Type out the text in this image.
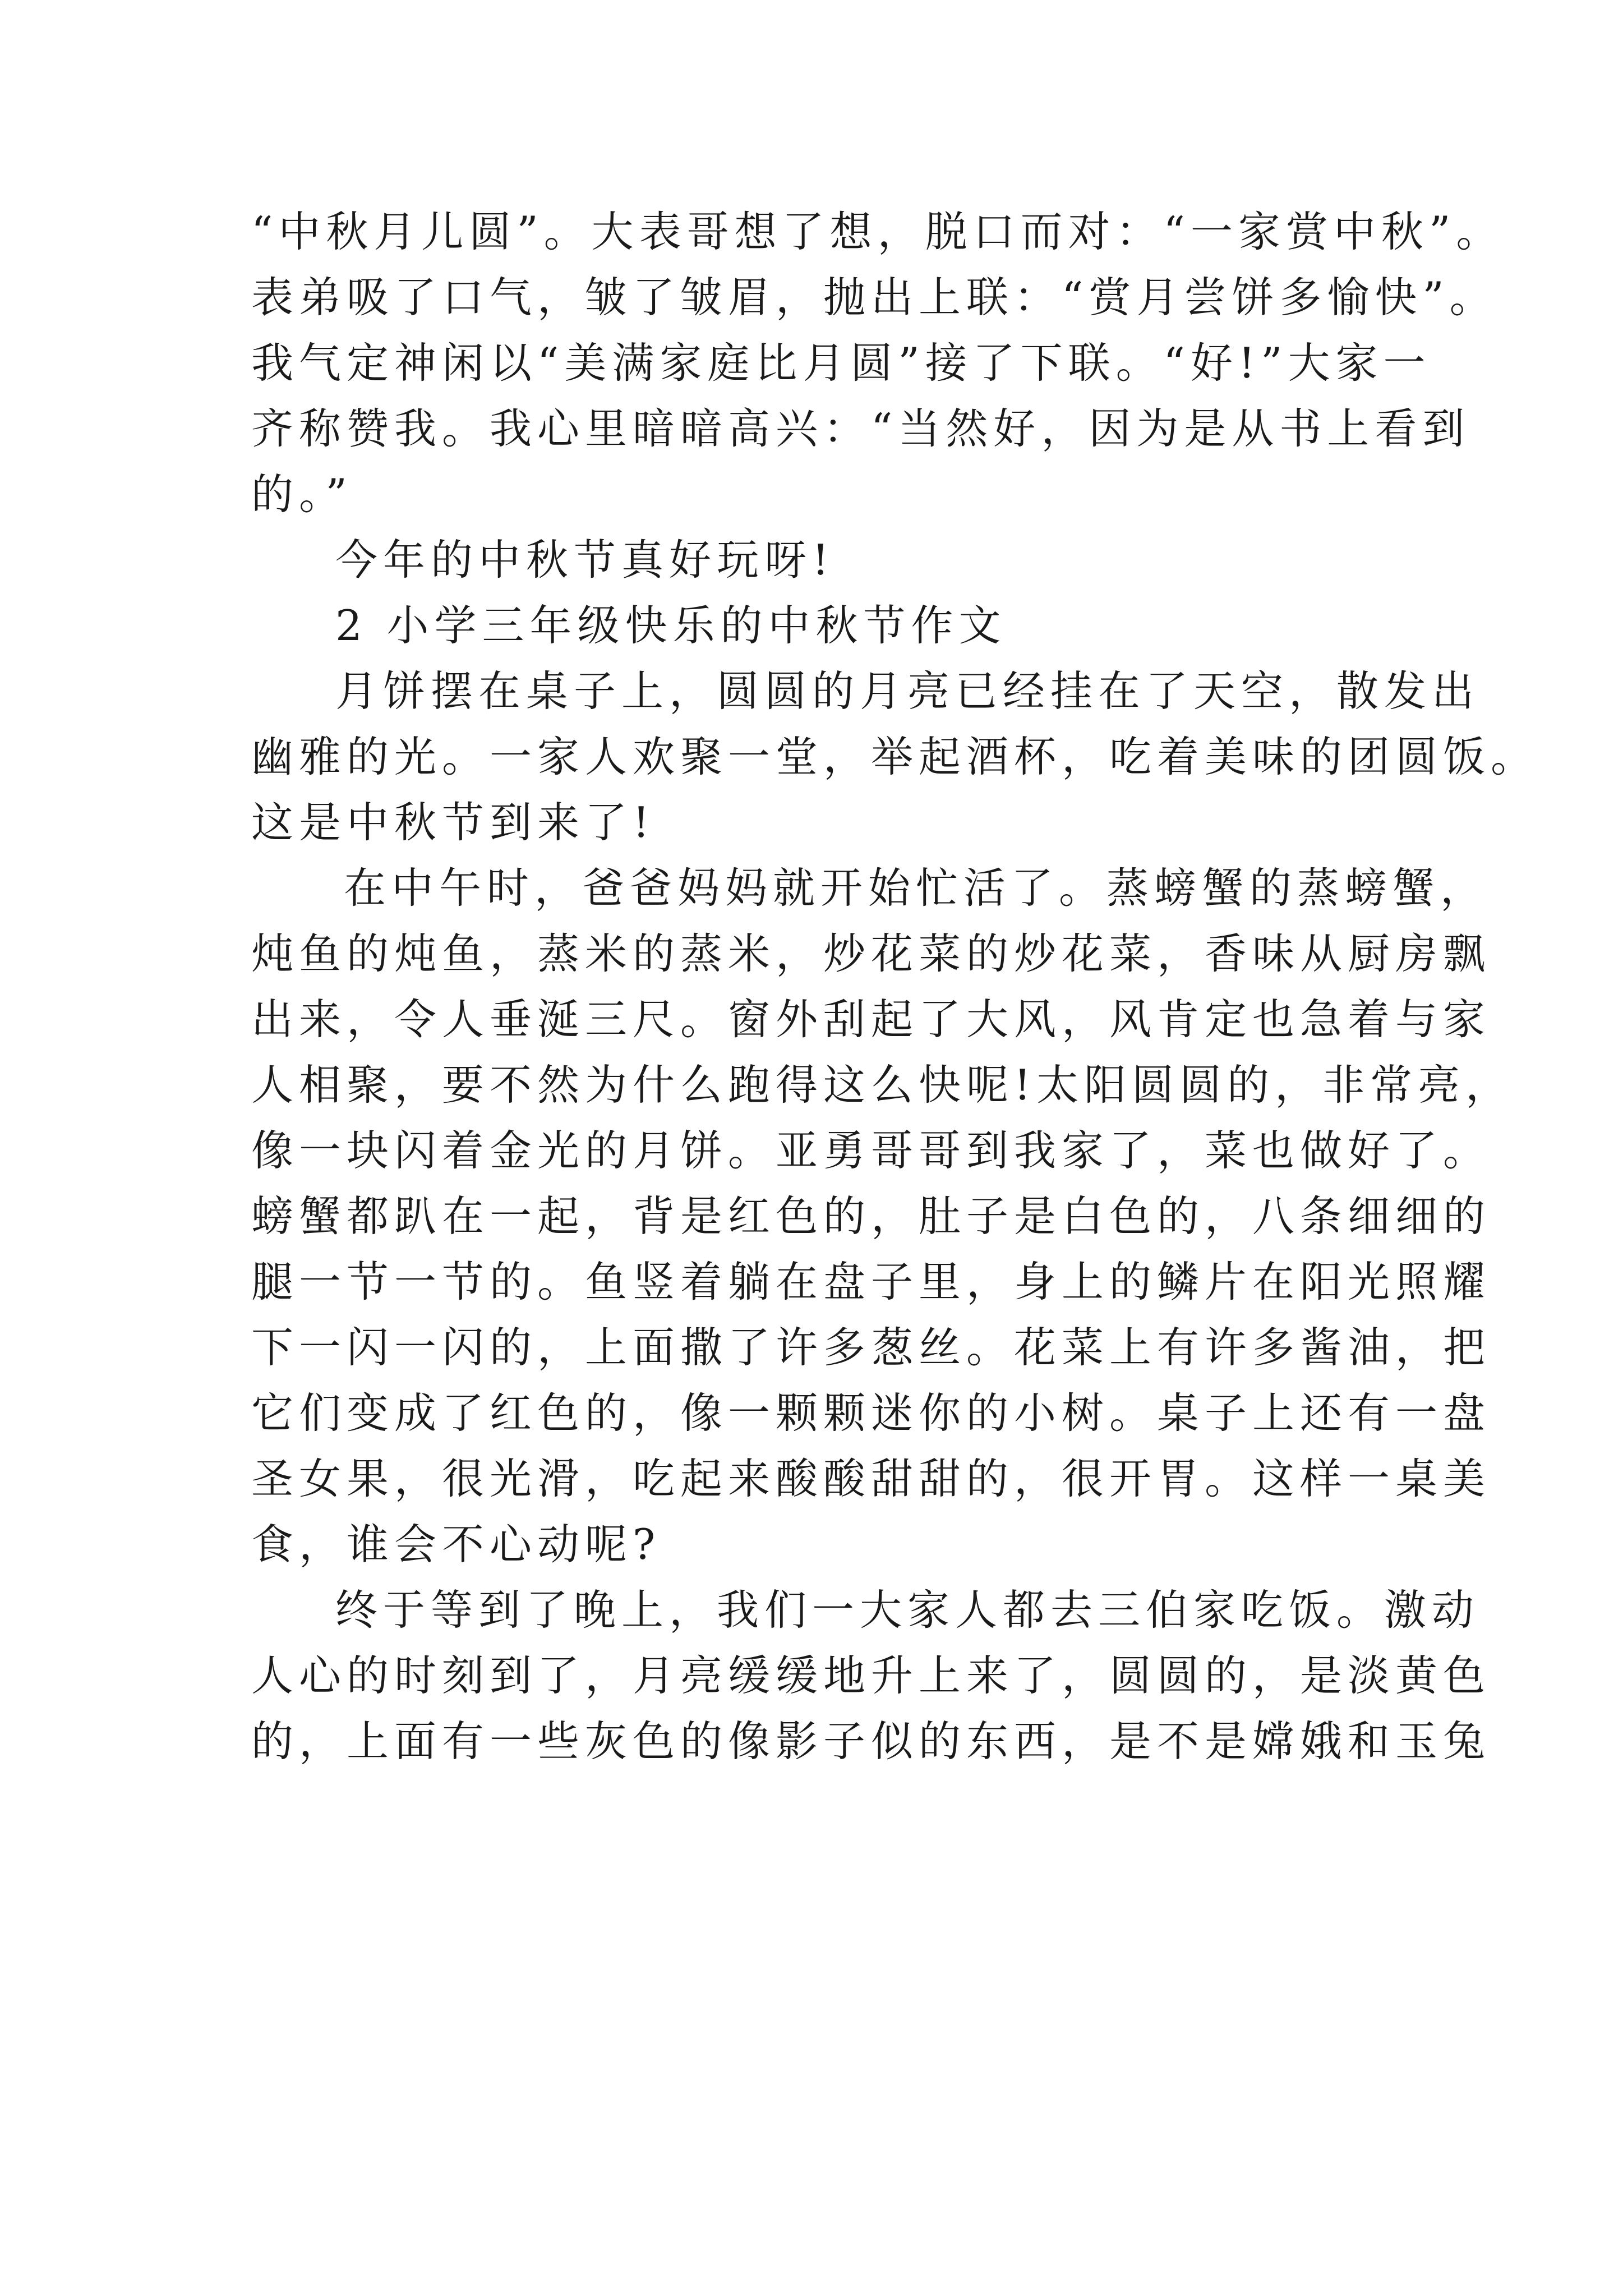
“中秋月儿圆”。大表哥想了想，脱口而对：“一家赏中秋”。
表弟吸了口气，皱了皱眉，抛出上联：“赏月尝饼多愉快”。
我气定神闲以“美满家庭比月圆”接了下联。“好!”大家一
齐称赞我。我心里暗暗高兴：“当然好，因为是从书上看到
的。”
今年的中秋节真好玩呀!
2 小学三年级快乐的中秋节作文
月饼摆在桌子上，圆圆的月亮已经挂在了天空，散发出
幽雅的光。一家人欢聚一堂，举起酒杯，吃着美味的团圆饭。
这是中秋节到来了!
在中午时，爸爸妈妈就开始忙活了。蒸螃蟹的蒸螃蟹，
炖鱼的炖鱼，蒸米的蒸米，炒花菜的炒花菜，香味从厨房飘
出来，令人垂涎三尺。窗外刮起了大风，风肯定也急着与家
人相聚，要不然为什么跑得这么快呢!太阳圆圆的，非常亮，
像一块闪着金光的月饼。亚勇哥哥到我家了，菜也做好了。
螃蟹都趴在一起，背是红色的，肚子是白色的，八条细细的
腿一节一节的。鱼竖着躺在盘子里，身上的鳞片在阳光照耀
下一闪一闪的，上面撒了许多葱丝。花菜上有许多酱油，把
它们变成了红色的，像一颗颗迷你的小树。桌子上还有一盘
圣女果，很光滑，吃起来酸酸甜甜的，很开胃。这样一桌美
食，谁会不心动呢?
终于等到了晚上，我们一大家人都去三伯家吃饭。激动
人心的时刻到了，月亮缓缓地升上来了，圆圆的，是淡黄色
的，上面有一些灰色的像影子似的东西，是不是嫦娥和玉兔
